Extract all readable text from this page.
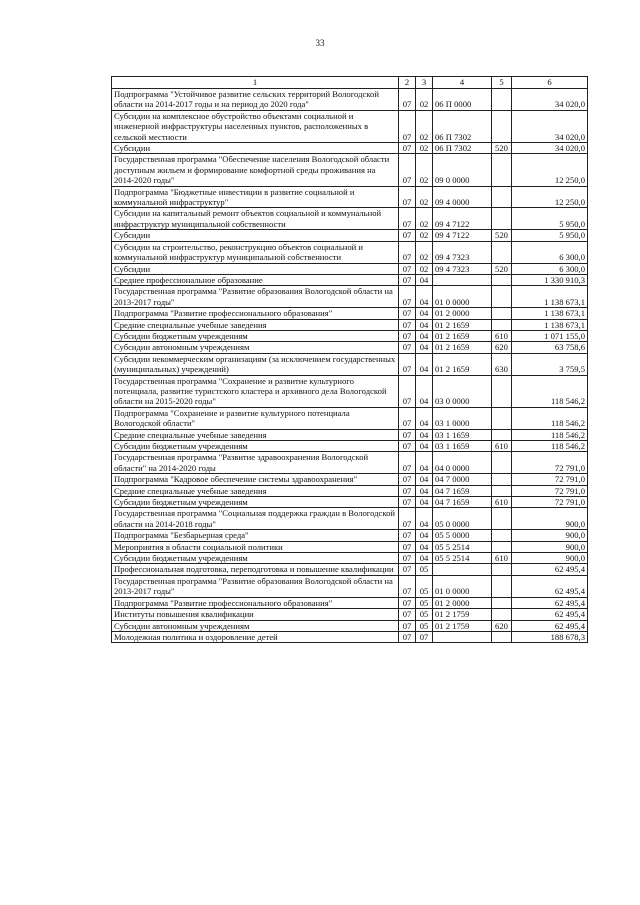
33
1	2	3	4	5	6
Подпрограмма "Устойчивое развитие сельских территорий Вологодской области на 2014-2017 годы и на период до 2020 года"	07	02	06 П 0000		34 020,0
Субсидии на комплексное обустройство объектами социальной и инженерной инфраструктуры населенных пунктов, расположенных в сельской местности	07	02	06 П 7302		34 020,0
Субсидии	07	02	06 П 7302	520	34 020,0
Государственная программа "Обеспечение населения Вологодской области доступным жильем и формирование комфортной среды проживания на 2014-2020 годы"	07	02	09 0 0000		12 250,0
Подпрограмма "Бюджетные инвестиции в развитие социальной и коммунальной инфраструктур"	07	02	09 4 0000		12 250,0
Субсидии на капитальный ремонт объектов социальной и коммунальной инфраструктур муниципальной собственности	07	02	09 4 7122		5 950,0
Субсидии	07	02	09 4 7122	520	5 950,0
Субсидии на строительство, реконструкцию объектов социальной и коммунальной инфраструктур муниципальной собственности	07	02	09 4 7323		6 300,0
Субсидии	07	02	09 4 7323	520	6 300,0
Среднее профессиональное образование	07	04			1 330 910,3
Государственная программа "Развитие образования Вологодской области на 2013-2017 годы"	07	04	01 0 0000		1 138 673,1
Подпрограмма "Развитие профессионального образования"	07	04	01 2 0000		1 138 673,1
Средние специальные учебные заведения	07	04	01 2 1659		1 138 673,1
Субсидии бюджетным учреждениям	07	04	01 2 1659	610	1 071 155,0
Субсидии автономным учреждениям	07	04	01 2 1659	620	63 758,6
Субсидии некоммерческим организациям (за исключением государственных (муниципальных) учреждений)	07	04	01 2 1659	630	3 759,5
Государственная программа "Сохранение и развитие культурного потенциала, развитие туристского кластера и архивного дела Вологодской области на 2015-2020 годы"	07	04	03 0 0000		118 546,2
Подпрограмма "Сохранение и развитие культурного потенциала Вологодской области"	07	04	03 1 0000		118 546,2
Средние специальные учебные заведения	07	04	03 1 1659		118 546,2
Субсидии бюджетным учреждениям	07	04	03 1 1659	610	118 546,2
Государственная программа "Развитие здравоохранения Вологодской области" на 2014-2020 годы	07	04	04 0 0000		72 791,0
Подпрограмма "Кадровое обеспечение системы здравоохранения"	07	04	04 7 0000		72 791,0
Средние специальные учебные заведения	07	04	04 7 1659		72 791,0
Субсидии бюджетным учреждениям	07	04	04 7 1659	610	72 791,0
Государственная программа "Социальная поддержка граждан в Вологодской области на 2014-2018 годы"	07	04	05 0 0000		900,0
Подпрограмма "Безбарьерная среда"	07	04	05 5 0000		900,0
Мероприятия в области социальной политики	07	04	05 5 2514		900,0
Субсидии бюджетным учреждениям	07	04	05 5 2514	610	900,0
Профессиональная подготовка, переподготовка и повышение квалификации	07	05			62 495,4
Государственная программа "Развитие образования Вологодской области на 2013-2017 годы"	07	05	01 0 0000		62 495,4
Подпрограмма "Развитие профессионального образования"	07	05	01 2 0000		62 495,4
Институты повышения квалификации	07	05	01 2 1759		62 495,4
Субсидии автономным учреждениям	07	05	01 2 1759	620	62 495,4
Молодежная политика и оздоровление детей	07	07			188 678,3
